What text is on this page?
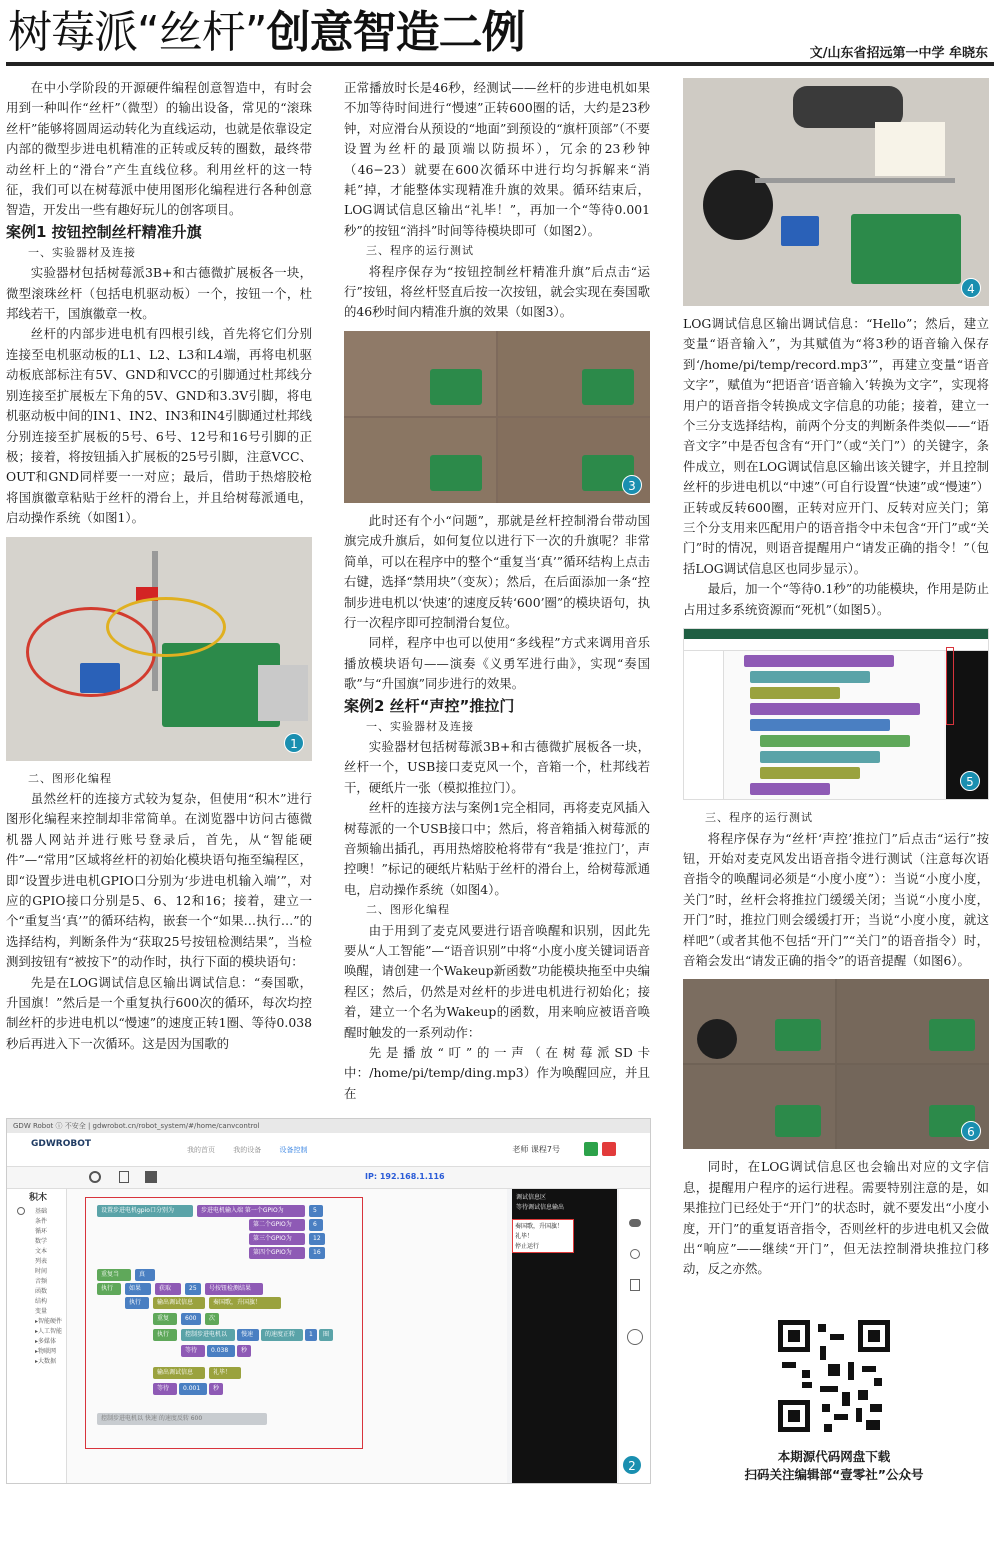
树莓派“丝杆”创意智造二例	文/山东省招远第一中学 牟晓东

在中小学阶段的开源硬件编程创意智造中，有时会用到一种叫作“丝杆”（微型）的输出设备，常见的“滚珠丝杆”能够将圆周运动转化为直线运动，也就是依靠设定内部的微型步进电机精准的正转或反转的圈数，最终带动丝杆上的“滑台”产生直线位移。利用丝杆的这一特征，我们可以在树莓派中使用图形化编程进行各种创意智造，开发出一些有趣好玩儿的创客项目。

案例1 按钮控制丝杆精准升旗

一、实验器材及连接

实验器材包括树莓派3B+和古德微扩展板各一块，微型滚珠丝杆（包括电机驱动板）一个，按钮一个，杜邦线若干，国旗徽章一枚。

丝杆的内部步进电机有四根引线，首先将它们分别连接至电机驱动板的L1、L2、L3和L4端，再将电机驱动板底部标注有5V、GND和VCC的引脚通过杜邦线分别连接至扩展板左下角的5V、GND和3.3V引脚，将电机驱动板中间的IN1、IN2、IN3和IN4引脚通过杜邦线分别连接至扩展板的5号、6号、12号和16号引脚的正极；接着，将按钮插入扩展板的25号引脚，注意VCC、OUT和GND同样要一一对应；最后，借助于热熔胶枪将国旗徽章粘贴于丝杆的滑台上，并且给树莓派通电，启动操作系统（如图1）。

1

二、图形化编程

虽然丝杆的连接方式较为复杂，但使用“积木”进行图形化编程来控制却非常简单。在浏览器中访问古德微机器人网站并进行账号登录后，首先，从“智能硬件”—“常用”区域将丝杆的初始化模块语句拖至编程区，即“设置步进电机GPIO口分别为‘步进电机输入端’”，对应的GPIO接口分别是5、6、12和16；接着，建立一个“重复当‘真’”的循环结构，嵌套一个“如果…执行…”的选择结构，判断条件为“获取25号按钮检测结果”，当检测到按钮有“被按下”的动作时，执行下面的模块语句：

先是在LOG调试信息区输出调试信息：“奏国歌，升国旗！”然后是一个重复执行600次的循环，每次均控制丝杆的步进电机以“慢速”的速度正转1圈、等待0.038秒后再进入下一次循环。这是因为国歌的

正常播放时长是46秒，经测试——丝杆的步进电机如果不加等待时间进行“慢速”正转600圈的话，大约是23秒钟，对应滑台从预设的“地面”到预设的“旗杆顶部”（不要设置为丝杆的最顶端以防损坏），冗余的23秒钟（46−23）就要在600次循环中进行均匀拆解来“消耗”掉，才能整体实现精准升旗的效果。循环结束后，LOG调试信息区输出“礼毕！”，再加一个“等待0.001秒”的按钮“消抖”时间等待模块即可（如图2）。

三、程序的运行测试

将程序保存为“按钮控制丝杆精准升旗”后点击“运行”按钮，将丝杆竖直后按一次按钮，就会实现在奏国歌的46秒时间内精准升旗的效果（如图3）。

3

此时还有个小“问题”，那就是丝杆控制滑台带动国旗完成升旗后，如何复位以进行下一次的升旗呢？非常简单，可以在程序中的整个“重复当‘真’”循环结构上点击右键，选择“禁用块”（变灰）；然后，在后面添加一条“控制步进电机以‘快速’的速度反转‘600’圈”的模块语句，执行一次程序即可控制滑台复位。

同样，程序中也可以使用“多线程”方式来调用音乐播放模块语句——演奏《义勇军进行曲》，实现“奏国歌”与“升国旗”同步进行的效果。

案例2 丝杆“声控”推拉门

一、实验器材及连接

实验器材包括树莓派3B+和古德微扩展板各一块，丝杆一个，USB接口麦克风一个，音箱一个，杜邦线若干，硬纸片一张（模拟推拉门）。

丝杆的连接方法与案例1完全相同，再将麦克风插入树莓派的一个USB接口中；然后，将音箱插入树莓派的音频输出插孔，再用热熔胶枪将带有“我是‘推拉门’，声控噢！”标记的硬纸片粘贴于丝杆的滑台上，给树莓派通电，启动操作系统（如图4）。

二、图形化编程

由于用到了麦克风要进行语音唤醒和识别，因此先要从“人工智能”—“语音识别”中将“小度小度关键词语音唤醒，请创建一个Wakeup新函数”功能模块拖至中央编程区；然后，仍然是对丝杆的步进电机进行初始化；接着，建立一个名为Wakeup的函数，用来响应被语音唤醒时触发的一系列动作：

先是播放“叮”的一声（在树莓派SD卡中：/home/pi/temp/ding.mp3）作为唤醒回应，并且在

4

LOG调试信息区输出调试信息：“Hello”；然后，建立变量“语音输入”，为其赋值为“将3秒的语音输入保存到‘/home/pi/temp/record.mp3’”，再建立变量“语音文字”，赋值为“把语音‘语音输入’转换为文字”，实现将用户的语音指令转换成文字信息的功能；接着，建立一个三分支选择结构，前两个分支的判断条件类似——“语音文字”中是否包含有“开门”（或“关门”）的关键字，条件成立，则在LOG调试信息区输出该关键字，并且控制丝杆的步进电机以“中速”（可自行设置“快速”或“慢速”）正转或反转600圈，正转对应开门、反转对应关门；第三个分支用来匹配用户的语音指令中未包含“开门”或“关门”时的情况，则语音提醒用户“请发正确的指令！”（包括LOG调试信息区也同步显示）。

最后，加一个“等待0.1秒”的功能模块，作用是防止占用过多系统资源而“死机”（如图5）。

5

三、程序的运行测试

将程序保存为“丝杆‘声控’推拉门”后点击“运行”按钮，开始对麦克风发出语音指令进行测试（注意每次语音指令的唤醒词必须是“小度小度”）：当说“小度小度，关门”时，丝杆会将推拉门缓缓关闭；当说“小度小度，开门”时，推拉门则会缓缓打开；当说“小度小度，就这样吧”（或者其他不包括“开门”“关门”的语音指令）时，音箱会发出“请发正确的指令”的语音提醒（如图6）。

6

同时，在LOG调试信息区也会输出对应的文字信息，提醒用户程序的运行进程。需要特别注意的是，如果推拉门已经处于“开门”的状态时，就不要发出“小度小度，开门”的重复语音指令，否则丝杆的步进电机又会做出“响应”——继续“开门”，但无法控制滑块推拉门移动，反之亦然。

GDW Robot ⓘ 不安全 | gdwrobot.cn/robot_system/#/home/canvcontrol
GDWROBOT
我的首页	我的设备	设备控制	老师 课程7号
IP: 192.168.1.116
积木
基础
条件
循环
数学
文本
列表
时间
音频
函数
结构
变量
▸智能硬件
▸人工智能
▸多媒体
▸物联网
▸大数据
设置步进电机gpio口分别为	步进电机输入端 第一个GPIO为	5
第二个GPIO为	6
第三个GPIO为	12
第四个GPIO为	16
重复当	真
执行	如果	获取	25	号按钮检测结果
执行	输出调试信息	奏国歌，升国旗！
重复	600	次
执行	控制步进电机以	慢速	的速度正转	1	圈
等待	0.038	秒
输出调试信息	礼毕！
等待	0.001	秒
控制步进电机以 快速 的速度反转 600
调试信息区
等待调试信息输出
奏国歌，升国旗！
礼毕！
停止运行
2
本期源代码网盘下载
扫码关注编辑部“壹零社”公众号
